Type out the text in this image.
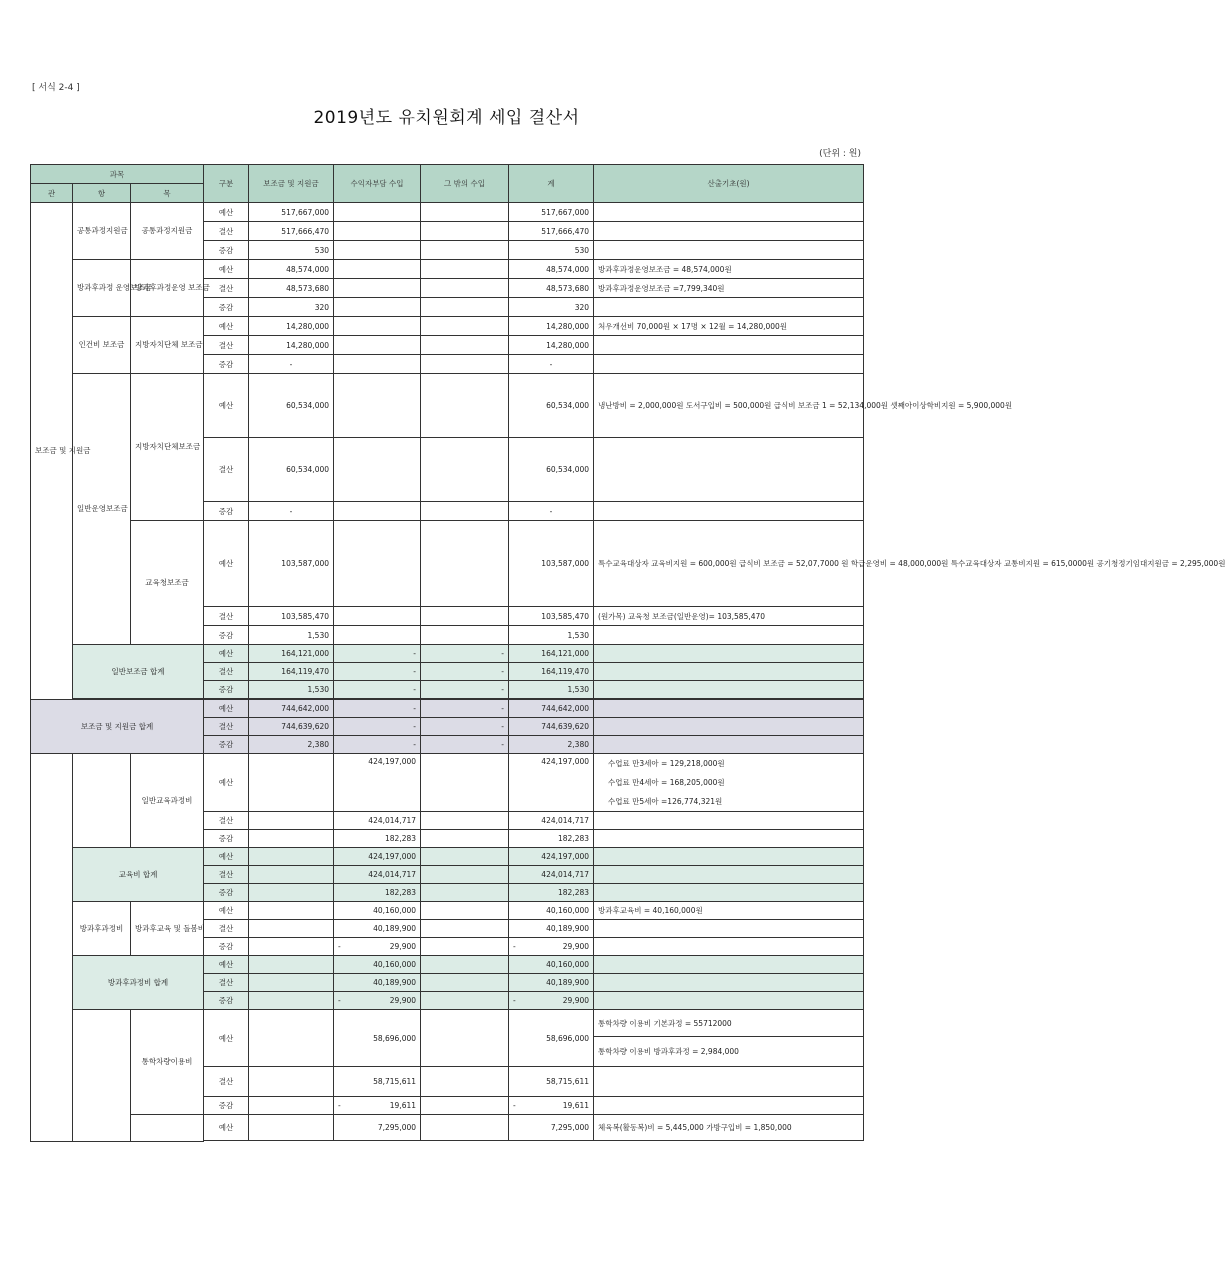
[ 서식 2-4 ]
2019년도 유치원회계 세입 결산서
(단위 : 원)
과목	구분	보조금 및 지원금	수익자부담 수입	그 밖의 수입	계	산출기초(원)
관	항	목
보조금 및 지원금	공통과정지원금	공통과정지원금	예산	517,667,000			517,667,000	
결산	517,666,470			517,666,470	
증감	530			530	
방과후과정 운영보조금	방과후과정운영 보조금	예산	48,574,000			48,574,000	방과후과정운영보조금 = 48,574,000원
결산	48,573,680			48,573,680	방과후과정운영보조금 =7,799,340원
증감	320			320	
인건비 보조금	지방자치단체 보조금	예산	14,280,000			14,280,000	처우개선비 70,000원 × 17명 × 12월 = 14,280,000원
결산	14,280,000			14,280,000	
증감	-			-	
일반운영보조금	지방자치단체보조금	예산	60,534,000			60,534,000	냉난방비 = 2,000,000원 도서구입비 = 500,000원 급식비 보조금 1 = 52,134,000원 셋째아이상학비지원 = 5,900,000원
결산	60,534,000			60,534,000	
증감	-			-	
교육청보조금	예산	103,587,000			103,587,000	특수교육대상자 교육비지원 = 600,000원 급식비 보조금 = 52,07,7000 원 학급운영비 = 48,000,000원 특수교육대상자 교통비지원 = 615,0000원 공기청정기임대지원금 = 2,295,000원
결산	103,585,470			103,585,470	(원가목) 교육청 보조금(일반운영)= 103,585,470
증감	1,530			1,530	
일반보조금 합계	예산	164,121,000	-	-	164,121,000	
결산	164,119,470	-	-	164,119,470	
증감	1,530	-	-	1,530	

보조금 및 지원금 합계	예산	744,642,000	-	-	744,642,000	
결산	744,639,620	-	-	744,639,620	
증감	2,380	-	-	2,380	
		일반교육과정비	예산		424,197,000		424,197,000	수업료 만3세아 = 129,218,000원
수업료 만4세아 = 168,205,000원
수업료 만5세아 =126,774,321원

결산		424,014,717		424,014,717	
증감		182,283		182,283	
교육비 합계	예산		424,197,000		424,197,000	
결산		424,014,717		424,014,717	
증감		182,283		182,283	
방과후과정비	방과후교육 및 돌봄비	예산		40,160,000		40,160,000	방과후교육비 = 40,160,000원
결산		40,189,900		40,189,900	
증감		-	29,900		-	29,900

방과후과정비 합계	예산		40,160,000		40,160,000	
결산		40,189,900		40,189,900	
증감		-	29,900		-	29,900

	통학차량이용비	예산		58,696,000		58,696,000	통학차량 이용비 기본과정 = 55712000
통학차량 이용비 방과후과정 = 2,984,000
결산		58,715,611		58,715,611	
증감		-	19,611		-	19,611

	예산		7,295,000		7,295,000	체육복(활동복)비 = 5,445,000 가방구입비 = 1,850,000
